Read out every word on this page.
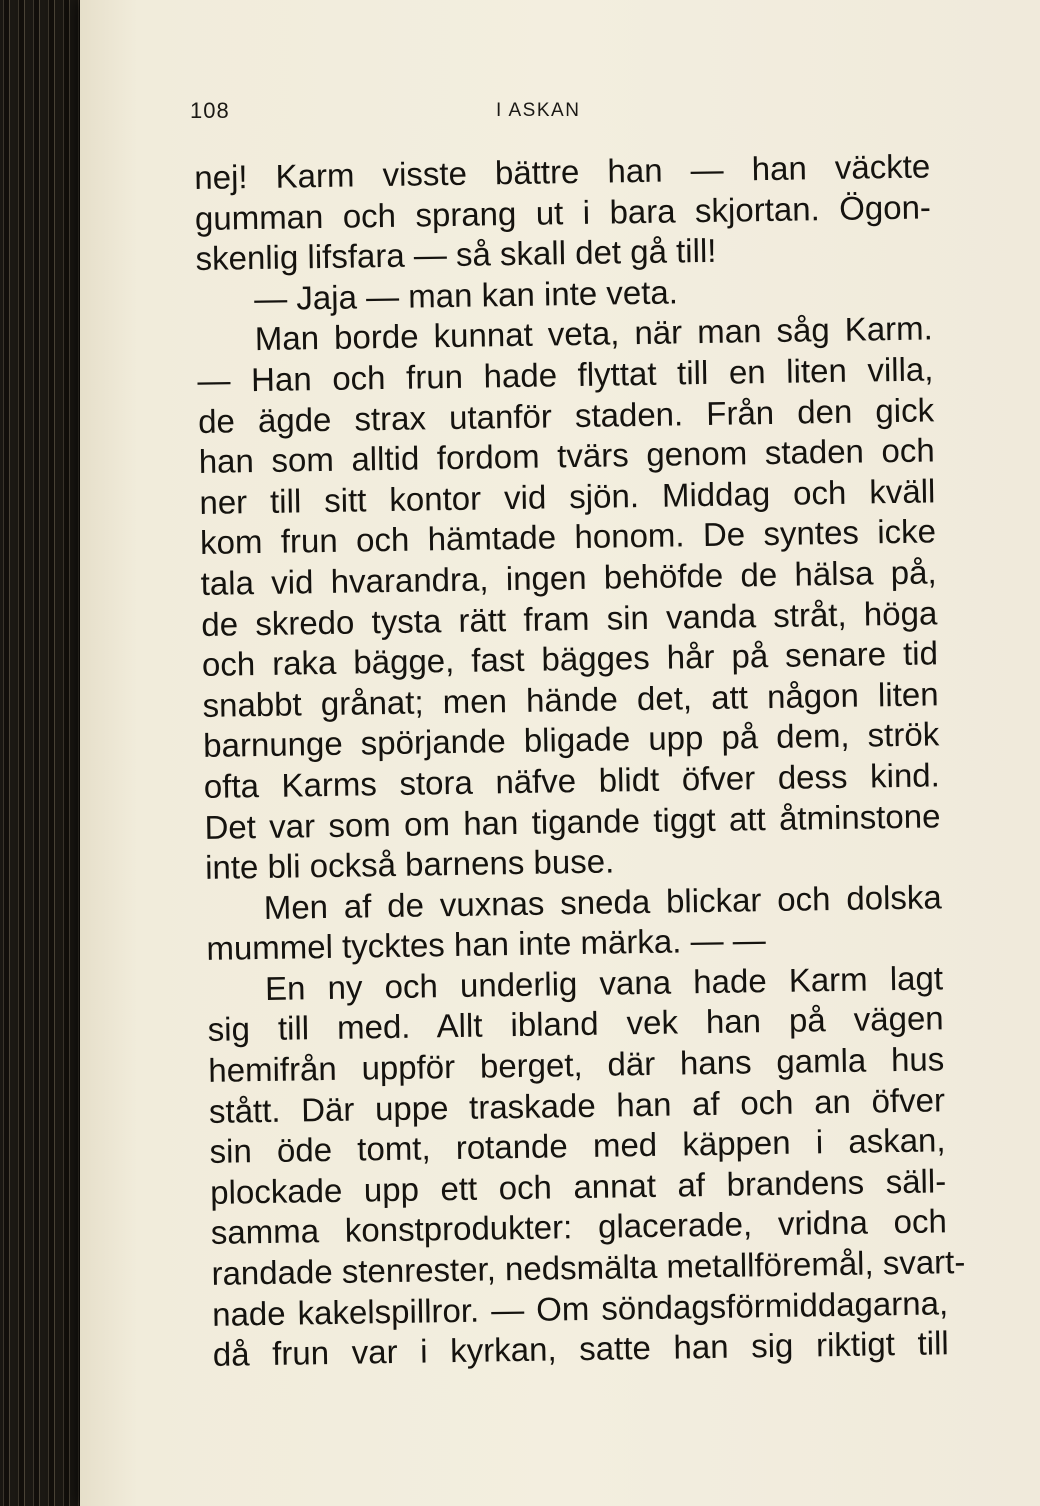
108	I ASKAN
nej! Karm visste bättre han — han väckte
gumman och sprang ut i bara skjortan. Ögon-
skenlig lifsfara — så skall det gå till!
— Jaja — man kan inte veta.
Man borde kunnat veta, när man såg Karm.
— Han och frun hade flyttat till en liten villa,
de ägde strax utanför staden. Från den gick
han som alltid fordom tvärs genom staden och
ner till sitt kontor vid sjön. Middag och kväll
kom frun och hämtade honom. De syntes icke
tala vid hvarandra, ingen behöfde de hälsa på,
de skredo tysta rätt fram sin vanda stråt, höga
och raka bägge, fast bägges hår på senare tid
snabbt grånat; men hände det, att någon liten
barnunge spörjande bligade upp på dem, strök
ofta Karms stora näfve blidt öfver dess kind.
Det var som om han tigande tiggt att åtminstone
inte bli också barnens buse.
Men af de vuxnas sneda blickar och dolska
mummel tycktes han inte märka. — —
En ny och underlig vana hade Karm lagt
sig till med. Allt ibland vek han på vägen
hemifrån uppför berget, där hans gamla hus
stått. Där uppe traskade han af och an öfver
sin öde tomt, rotande med käppen i askan,
plockade upp ett och annat af brandens säll-
samma konstprodukter: glacerade, vridna och
randade stenrester, nedsmälta metallföremål, svart-
nade kakelspillror. — Om söndagsförmiddagarna,
då frun var i kyrkan, satte han sig riktigt till
